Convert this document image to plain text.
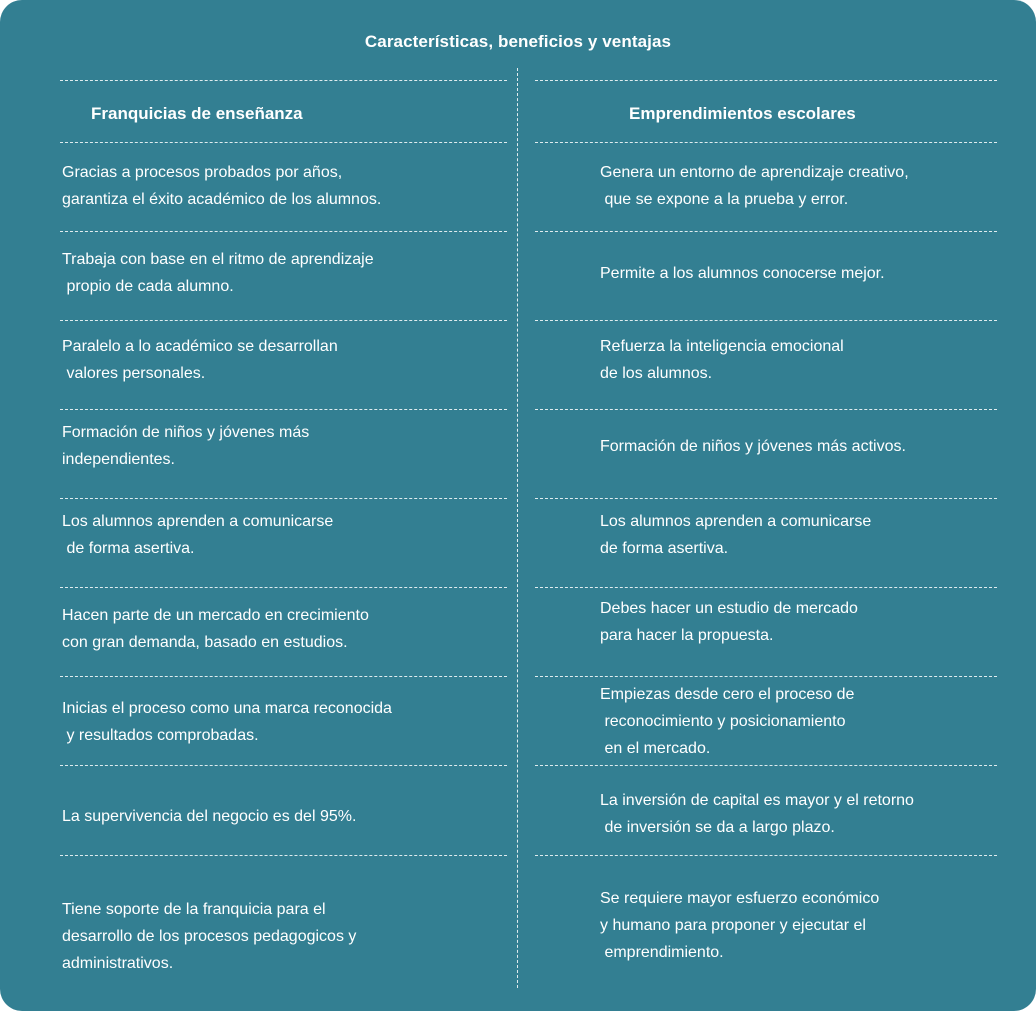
Características, beneficios y ventajas
Franquicias de enseñanza	Emprendimientos escolares
Gracias a procesos probados por años,
garantiza el éxito académico de los alumnos.
Genera un entorno de aprendizaje creativo,
que se expone a la prueba y error.
Trabaja con base en el ritmo de aprendizaje
propio de cada alumno.
Permite a los alumnos conocerse mejor.
Paralelo a lo académico se desarrollan
valores personales.
Refuerza la inteligencia emocional
de los alumnos.
Formación de niños y jóvenes más
independientes.
Formación de niños y jóvenes más activos.
Los alumnos aprenden a comunicarse
de forma asertiva.
Los alumnos aprenden a comunicarse
de forma asertiva.
Hacen parte de un mercado en crecimiento
con gran demanda, basado en estudios.
Debes hacer un estudio de mercado
para hacer la propuesta.
Inicias el proceso como una marca reconocida
y resultados comprobadas.
Empiezas desde cero el proceso de
reconocimiento y posicionamiento
en el mercado.
La supervivencia del negocio es del 95%.
La inversión de capital es mayor y el retorno
de inversión se da a largo plazo.
Tiene soporte de la franquicia para el
desarrollo de los procesos pedagogicos y
administrativos.
Se requiere mayor esfuerzo económico
y humano para proponer y ejecutar el
emprendimiento.
